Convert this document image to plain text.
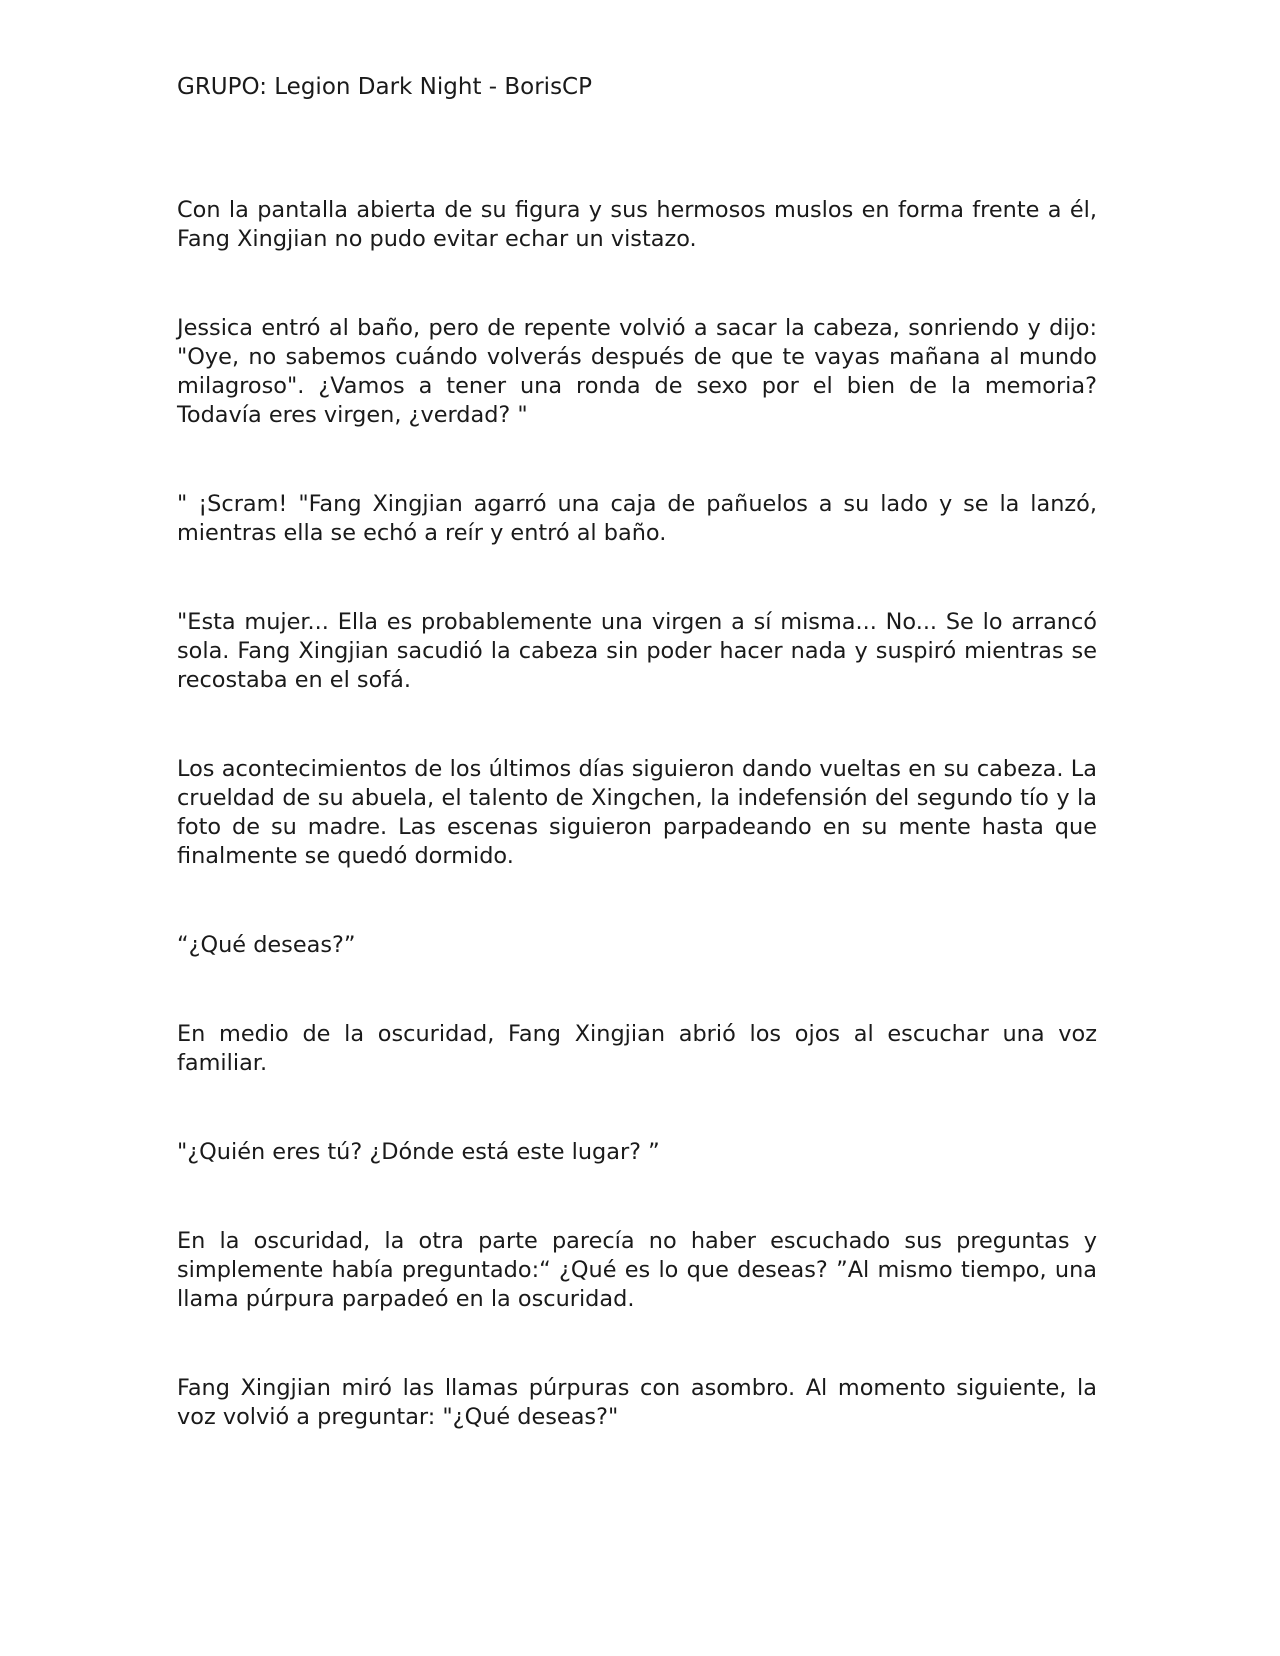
GRUPO: Legion Dark Night - BorisCP

Con la pantalla abierta de su figura y sus hermosos muslos en forma frente a él, Fang Xingjian no pudo evitar echar un vistazo.

Jessica entró al baño, pero de repente volvió a sacar la cabeza, sonriendo y dijo: "Oye, no sabemos cuándo volverás después de que te vayas mañana al mundo milagroso". ¿Vamos a tener una ronda de sexo por el bien de la memoria? Todavía eres virgen, ¿verdad? "

" ¡Scram! "Fang Xingjian agarró una caja de pañuelos a su lado y se la lanzó, mientras ella se echó a reír y entró al baño.

"Esta mujer... Ella es probablemente una virgen a sí misma... No... Se lo arrancó sola. Fang Xingjian sacudió la cabeza sin poder hacer nada y suspiró mientras se recostaba en el sofá.

Los acontecimientos de los últimos días siguieron dando vueltas en su cabeza. La crueldad de su abuela, el talento de Xingchen, la indefensión del segundo tío y la foto de su madre. Las escenas siguieron parpadeando en su mente hasta que finalmente se quedó dormido.

“¿Qué deseas?”

En medio de la oscuridad, Fang Xingjian abrió los ojos al escuchar una voz familiar.

"¿Quién eres tú? ¿Dónde está este lugar? ”

En la oscuridad, la otra parte parecía no haber escuchado sus preguntas y simplemente había preguntado:“ ¿Qué es lo que deseas? ”Al mismo tiempo, una llama púrpura parpadeó en la oscuridad.

Fang Xingjian miró las llamas púrpuras con asombro. Al momento siguiente, la voz volvió a preguntar: "¿Qué deseas?"
